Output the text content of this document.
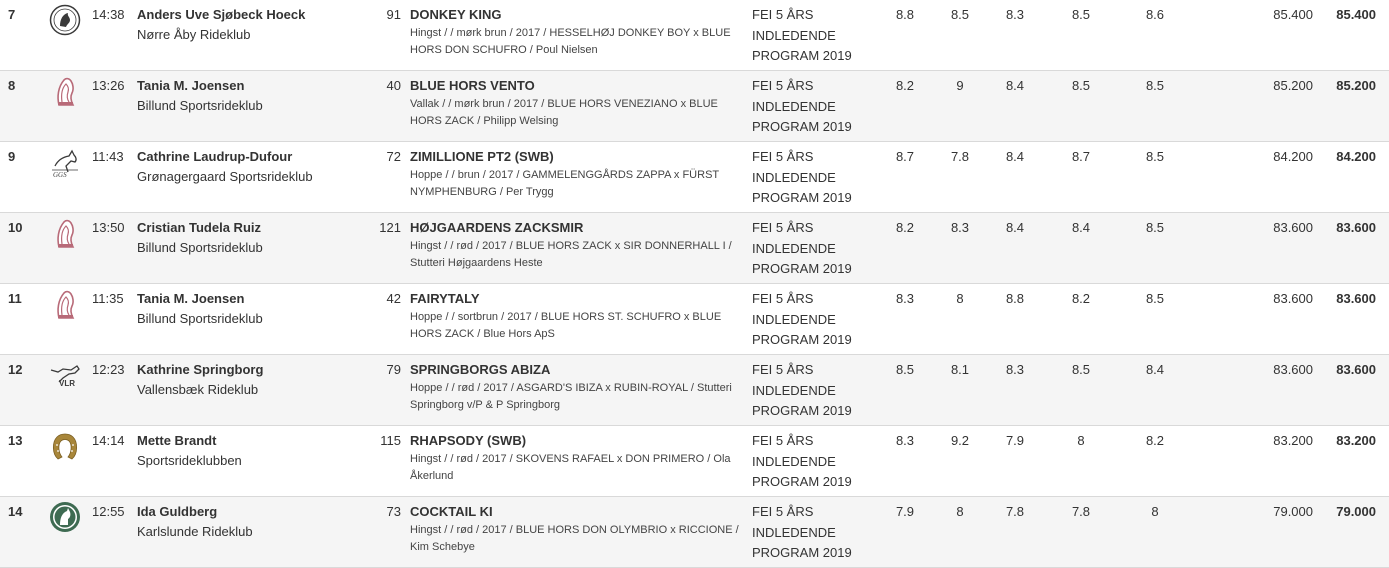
7	14:38 Anders Uve Sjøbeck Hoeck
Nørre Åby Rideklub
91 DONKEY KING
Hingst / / mørk brun / 2017 / HESSELHØJ DONKEY BOY x BLUE HORS DON SCHUFRO / Poul Nielsen
FEI 5 ÅRS INDLEDENDE PROGRAM 2019
8.8	8.5	8.3	8.5	8.6	85.400	85.400
8	13:26 Tania M. Joensen
Billund Sportsrideklub
40 BLUE HORS VENTO
Vallak / / mørk brun / 2017 / BLUE HORS VENEZIANO x BLUE HORS ZACK / Philipp Welsing
FEI 5 ÅRS INDLEDENDE PROGRAM 2019
8.2	9	8.4	8.5	8.5	85.200	85.200
9
GGS
11:43 Cathrine Laudrup-Dufour
Grønagergaard Sportsrideklub
72 ZIMILLIONE PT2 (SWB)
Hoppe / / brun / 2017 / GAMMELENGGÅRDS ZAPPA x FÜRST NYMPHENBURG / Per Trygg
FEI 5 ÅRS INDLEDENDE PROGRAM 2019
8.7	7.8	8.4	8.7	8.5	84.200	84.200
10	13:50 Cristian Tudela Ruiz
Billund Sportsrideklub
121 HØJGAARDENS ZACKSMIR
Hingst / / rød / 2017 / BLUE HORS ZACK x SIR DONNERHALL I / Stutteri Højgaardens Heste
FEI 5 ÅRS INDLEDENDE PROGRAM 2019
8.2	8.3	8.4	8.4	8.5	83.600	83.600
11	11:35 Tania M. Joensen
Billund Sportsrideklub
42 FAIRYTALY
Hoppe / / sortbrun / 2017 / BLUE HORS ST. SCHUFRO x BLUE HORS ZACK / Blue Hors ApS
FEI 5 ÅRS INDLEDENDE PROGRAM 2019
8.3	8	8.8	8.2	8.5	83.600	83.600
12
VLR
12:23 Kathrine Springborg
Vallensbæk Rideklub
79 SPRINGBORGS ABIZA
Hoppe / / rød / 2017 / ASGARD'S IBIZA x RUBIN-ROYAL / Stutteri Springborg v/P & P Springborg
FEI 5 ÅRS INDLEDENDE PROGRAM 2019
8.5	8.1	8.3	8.5	8.4	83.600	83.600
13	14:14 Mette Brandt
Sportsrideklubben
115 RHAPSODY (SWB)
Hingst / / rød / 2017 / SKOVENS RAFAEL x DON PRIMERO / Ola Åkerlund
FEI 5 ÅRS INDLEDENDE PROGRAM 2019
8.3	9.2	7.9	8	8.2	83.200	83.200
14	12:55 Ida Guldberg
Karlslunde Rideklub
73 COCKTAIL KI
Hingst / / rød / 2017 / BLUE HORS DON OLYMBRIO x RICCIONE / Kim Schebye
FEI 5 ÅRS INDLEDENDE PROGRAM 2019
7.9	8	7.8	7.8	8	79.000	79.000
